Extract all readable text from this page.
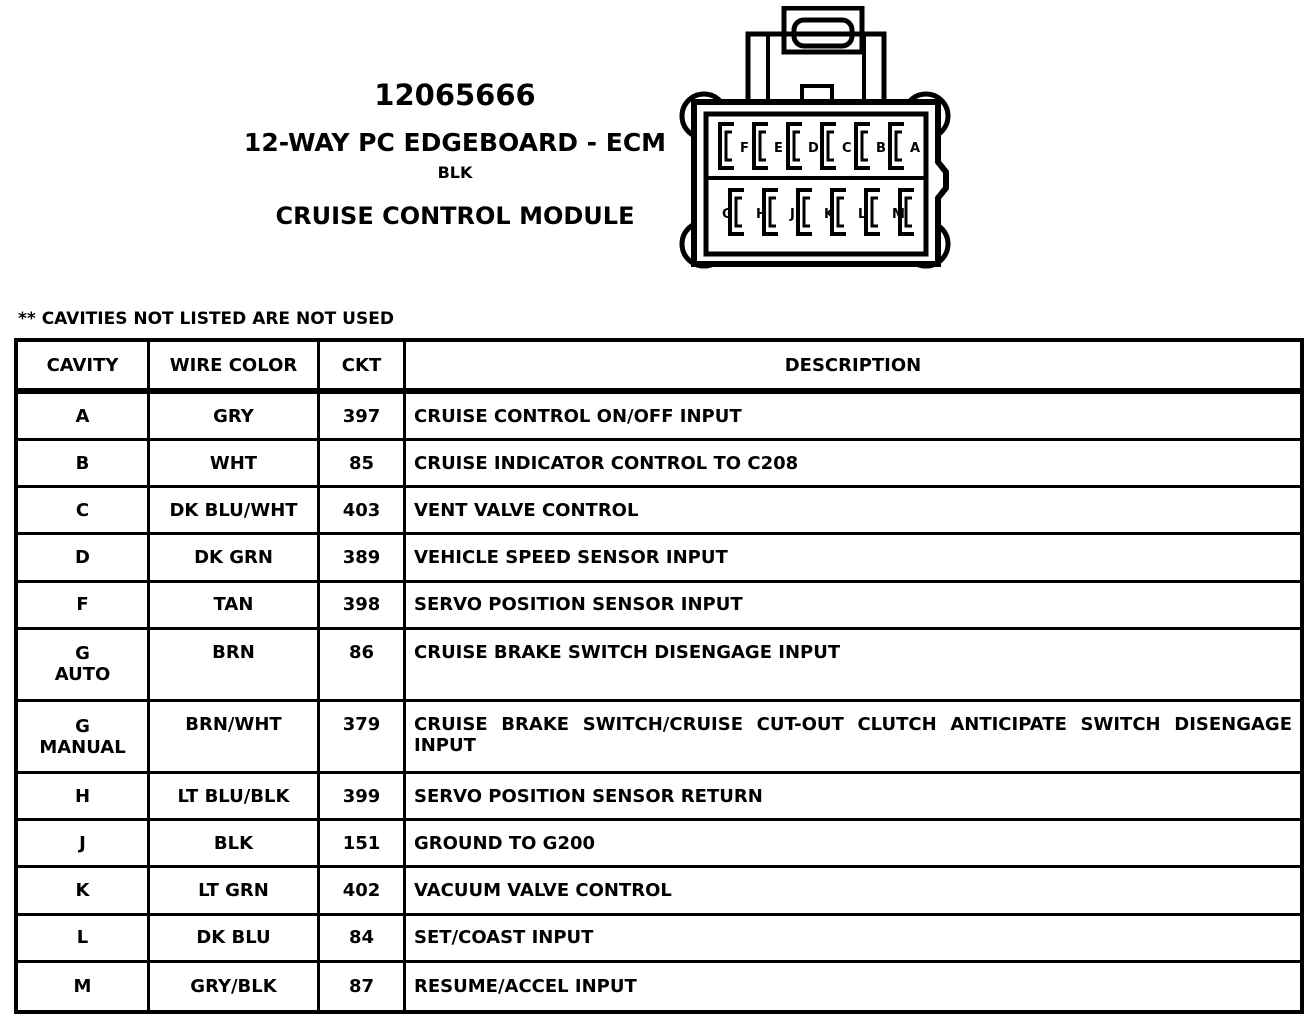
12065666
12-WAY PC EDGEBOARD - ECM
BLK
CRUISE CONTROL MODULE
F E D C B A
G H J K L M
** CAVITIES NOT LISTED ARE NOT USED
CAVITY	WIRE COLOR	CKT	DESCRIPTION
A	GRY	397	CRUISE CONTROL ON/OFF INPUT
B	WHT	85	CRUISE INDICATOR CONTROL TO C208
C	DK BLU/WHT	403	VENT VALVE CONTROL
D	DK GRN	389	VEHICLE SPEED SENSOR INPUT
F	TAN	398	SERVO POSITION SENSOR INPUT
G
AUTO	BRN	86	CRUISE BRAKE SWITCH DISENGAGE INPUT
G
MANUAL	BRN/WHT	379	CRUISE BRAKE SWITCH/CRUISE CUT-OUT CLUTCH ANTICIPATE SWITCH DISENGAGE INPUT
H	LT BLU/BLK	399	SERVO POSITION SENSOR RETURN
J	BLK	151	GROUND TO G200
K	LT GRN	402	VACUUM VALVE CONTROL
L	DK BLU	84	SET/COAST INPUT
M	GRY/BLK	87	RESUME/ACCEL INPUT
